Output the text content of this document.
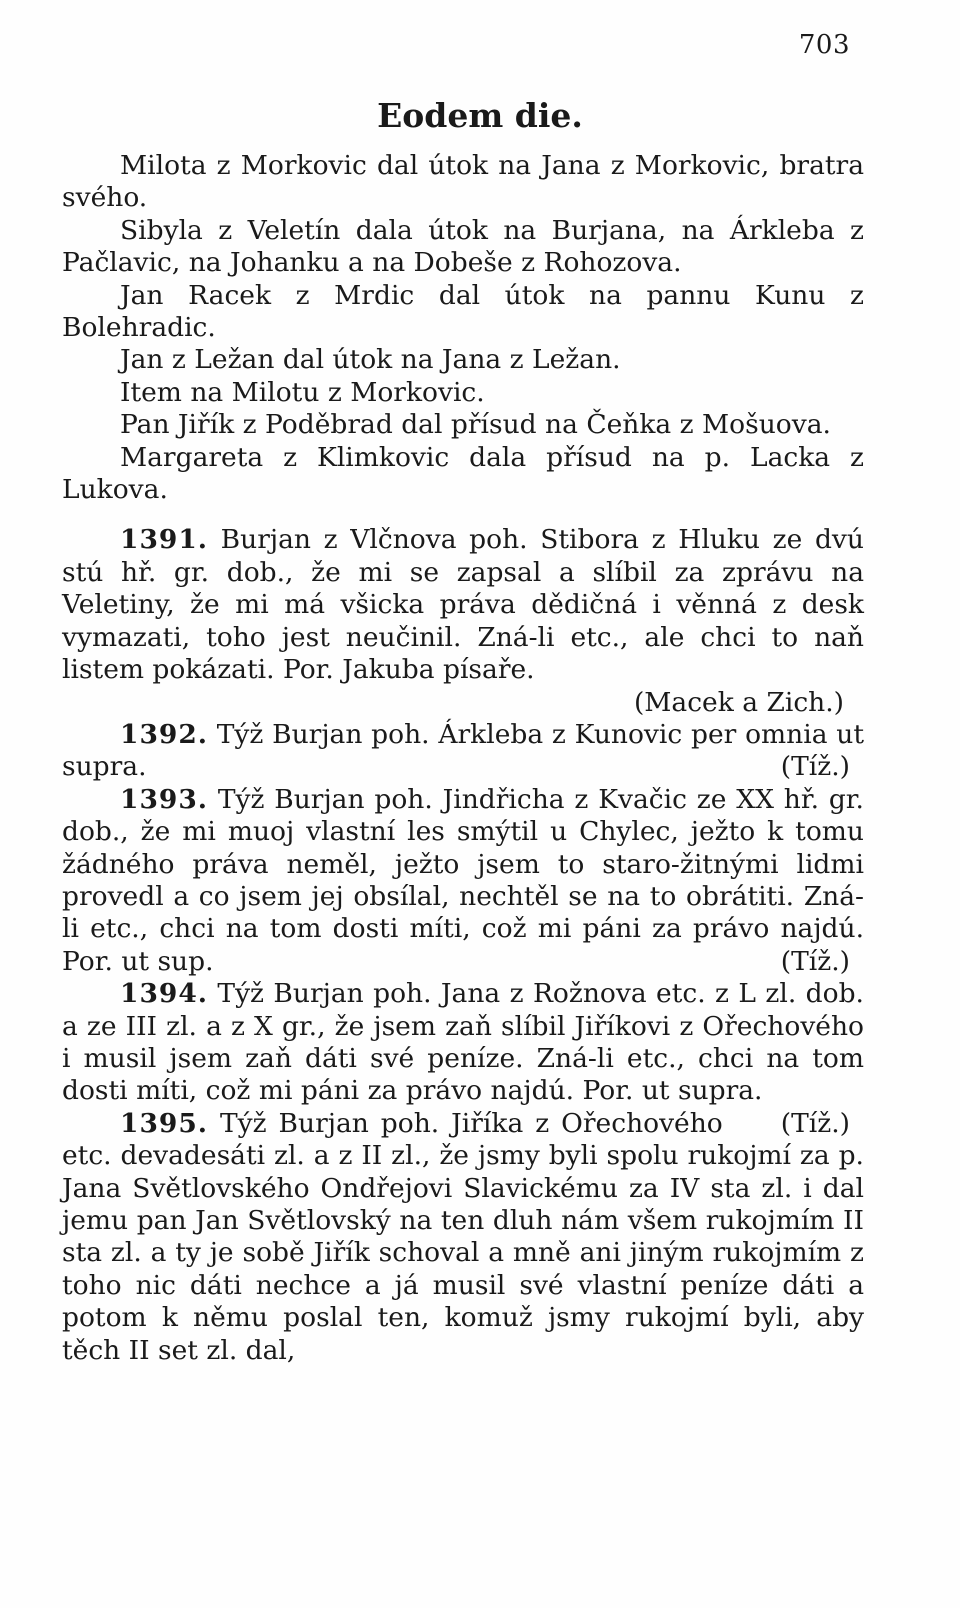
703
Eodem die.

Milota z Morkovic dal útok na Jana z Morkovic, bratra svého.

Sibyla z Veletín dala útok na Burjana, na Árkleba z Pačlavic, na Johanku a na Dobeše z Rohozova.

Jan Racek z Mrdic dal útok na pannu Kunu z Bolehradic.

Jan z Ležan dal útok na Jana z Ležan.

Item na Milotu z Morkovic.

Pan Jiřík z Poděbrad dal přísud na Čeňka z Mošuova.

Margareta z Klimkovic dala přísud na p. Lacka z Lukova.

1391. Burjan z Vlčnova poh. Stibora z Hluku ze dvú stú hř. gr. dob., že mi se zapsal a slíbil za zprávu na Veletiny, že mi má všicka práva dědičná i věnná z desk vymazati, toho jest neučinil. Zná-li etc., ale chci to naň listem pokázati. Por. Jakuba písaře.
(Macek a Zich.)

1392. Týž Burjan poh. Árkleba z Kunovic per omnia ut supra.	(Tíž.)

1393. Týž Burjan poh. Jindřicha z Kvačic ze XX hř. gr. dob., že mi muoj vlastní les smýtil u Chylec, ježto k tomu žádného práva neměl, ježto jsem to staro-žitnými lidmi provedl a co jsem jej obsílal, nechtěl se na to obrátiti. Zná-li etc., chci na tom dosti míti, což mi páni za právo najdú. Por. ut sup.	(Tíž.)

1394. Týž Burjan poh. Jana z Rožnova etc. z L zl. dob. a ze III zl. a z X gr., že jsem zaň slíbil Jiříkovi z Ořechového i musil jsem zaň dáti své peníze. Zná-li etc., chci na tom dosti míti, což mi páni za právo najdú. Por. ut supra.
(Tíž.)

1395. Týž Burjan poh. Jiříka z Ořechového etc. devadesáti zl. a z II zl., že jsmy byli spolu rukojmí za p. Jana Světlovského Ondřejovi Slavickému za IV sta zl. i dal jemu pan Jan Světlovský na ten dluh nám všem rukojmím II sta zl. a ty je sobě Jiřík schoval a mně ani jiným rukojmím z toho nic dáti nechce a já musil své vlastní peníze dáti a potom k němu poslal ten, komuž jsmy rukojmí byli, aby těch II set zl. dal,
